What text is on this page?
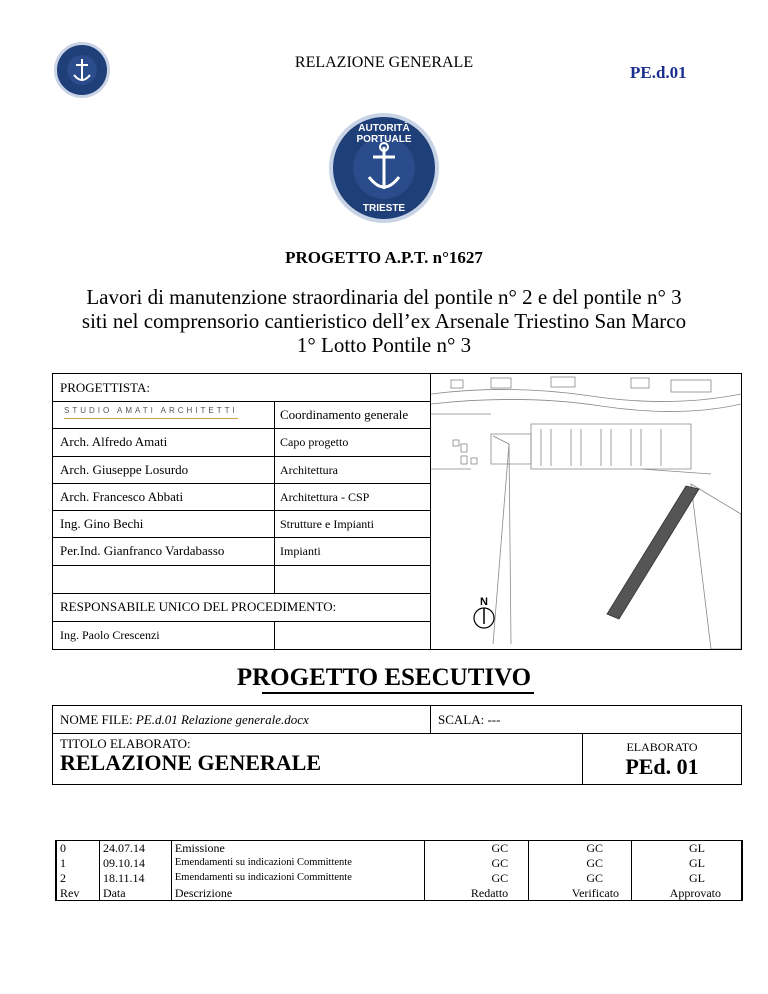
RELAZIONE GENERALE
PE.d.01
AUTORITÀ PORTUALE
TRIESTE
PROGETTO A.P.T. n°1627
Lavori di manutenzione straordinaria del pontile n° 2 e del pontile n° 3
siti nel comprensorio cantieristico dell’ex Arsenale Triestino San Marco
1° Lotto Pontile n° 3
PROGETTISTA:
STUDIO AMATI ARCHITETTI	Coordinamento generale
Arch. Alfredo Amati	Capo progetto
Arch. Giuseppe Losurdo	Architettura
Arch. Francesco Abbati	Architettura - CSP
Ing. Gino Bechi	Strutture e Impianti
Per.Ind. Gianfranco Vardabasso	Impianti
RESPONSABILE UNICO DEL PROCEDIMENTO:
Ing. Paolo Crescenzi
N
PROGETTO ESECUTIVO
NOME FILE: PE.d.01 Relazione generale.docx	SCALA: ---
TITOLO ELABORATO:
RELAZIONE GENERALE
ELABORATO
PEd. 01
0	24.07.14	Emissione	GC	GC	GL
1	09.10.14	Emendamenti su indicazioni Committente	GC	GC	GL
2	18.11.14	Emendamenti su indicazioni Committente	GC	GC	GL
Rev	Data	Descrizione	Redatto	Verificato	Approvato
